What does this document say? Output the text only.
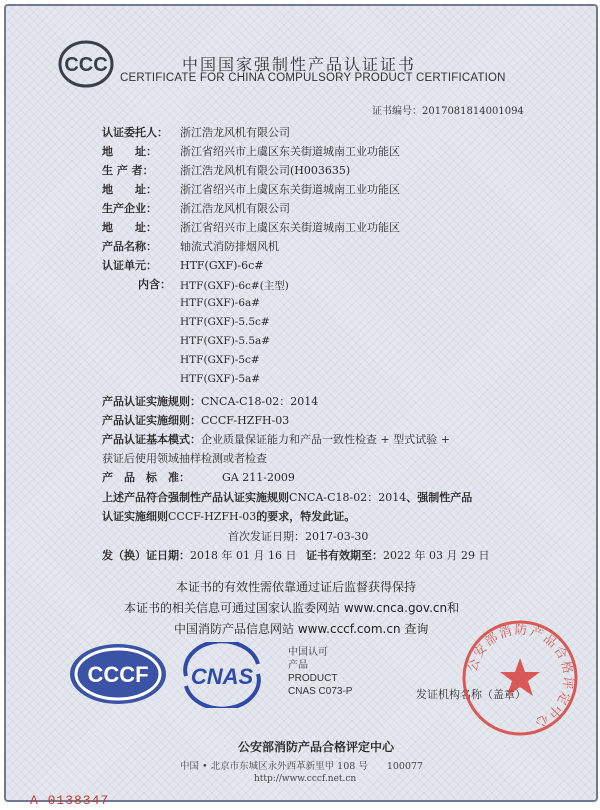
CCC	中国国家强制性产品认证证书
CERTIFICATE FOR CHINA COMPULSORY PRODUCT CERTIFICATION
证书编号：2017081814001094
认证委托人： 浙江浩龙风机有限公司
地　　址： 浙江省绍兴市上虞区东关街道城南工业功能区
生 产 者： 浙江浩龙风机有限公司(H003635)
地　　址： 浙江省绍兴市上虞区东关街道城南工业功能区
生产企业： 浙江浩龙风机有限公司
地　　址： 浙江省绍兴市上虞区东关街道城南工业功能区
产品名称： 轴流式消防排烟风机
认证单元： HTF(GXF)-6c#
内含： HTF(GXF)-6c#(主型)
HTF(GXF)-6a#
HTF(GXF)-5.5c#
HTF(GXF)-5.5a#
HTF(GXF)-5c#
HTF(GXF)-5a#
产品认证实施规则：CNCA-C18-02：2014
产品认证实施细则：CCCF-HZFH-03
产品认证基本模式：企业质量保证能力和产品一致性检查 + 型式试验 +
获证后使用领域抽样检测或者检查
产　品　标　准：	GA 211-2009
上述产品符合强制性产品认证实施规则CNCA-C18-02：2014、强制性产品
认证实施细则CCCF-HZFH-03的要求，特发此证。
首次发证日期：2017-03-30
发（换）证日期：2018 年 01 月 16 日 证书有效期至：2022 年 03 月 29 日
本证书的有效性需依靠通过证后监督获得保持
本证书的相关信息可通过国家认监委网站 www.cnca.gov.cn和
中国消防产品信息网站 www.cccf.com.cn 查询
CCCF CNAS
中国认可
产品
PRODUCT
CNAS C073-P	发证机构名称（盖章）
公安部消防产品合格评定中心
公安部消防产品合格评定中心
中国 • 北京市东城区永外西革新里甲 108 号　　100077
http://www.cccf.net.cn
A 0138347
